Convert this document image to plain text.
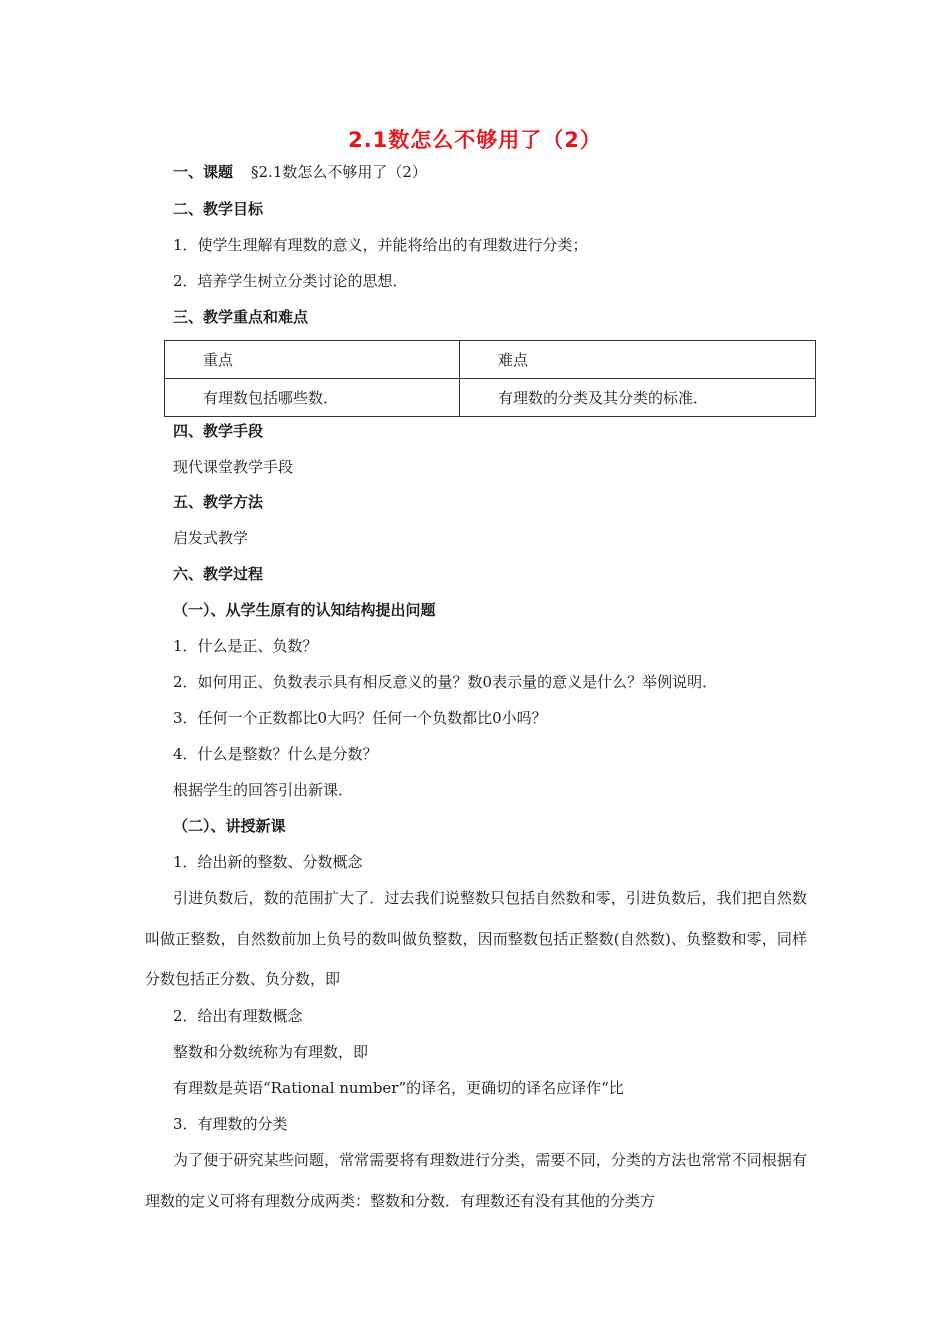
2.1数怎么不够用了（2）
一、课题 §2.1数怎么不够用了（2）
二、教学目标
1．使学生理解有理数的意义，并能将给出的有理数进行分类；
2．培养学生树立分类讨论的思想．
三、教学重点和难点
重点	难点
有理数包括哪些数．	有理数的分类及其分类的标准．
四、教学手段
现代课堂教学手段
五、教学方法
启发式教学
六、教学过程
（一）、从学生原有的认知结构提出问题
1．什么是正、负数？
2．如何用正、负数表示具有相反意义的量？数0表示量的意义是什么？举例说明．
3．任何一个正数都比0大吗？任何一个负数都比0小吗？
4．什么是整数？什么是分数？
根据学生的回答引出新课．
（二）、讲授新课
1．给出新的整数、分数概念
引进负数后，数的范围扩大了．过去我们说整数只包括自然数和零，引进负数后，我们把自然数叫做正整数，自然数前加上负号的数叫做负整数，因而整数包括正整数(自然数)、负整数和零，同样分数包括正分数、负分数，即
2．给出有理数概念
整数和分数统称为有理数，即
有理数是英语“Rational number”的译名，更确切的译名应译作“比
3．有理数的分类
为了便于研究某些问题，常常需要将有理数进行分类，需要不同，分类的方法也常常不同根据有理数的定义可将有理数分成两类：整数和分数．有理数还有没有其他的分类方
